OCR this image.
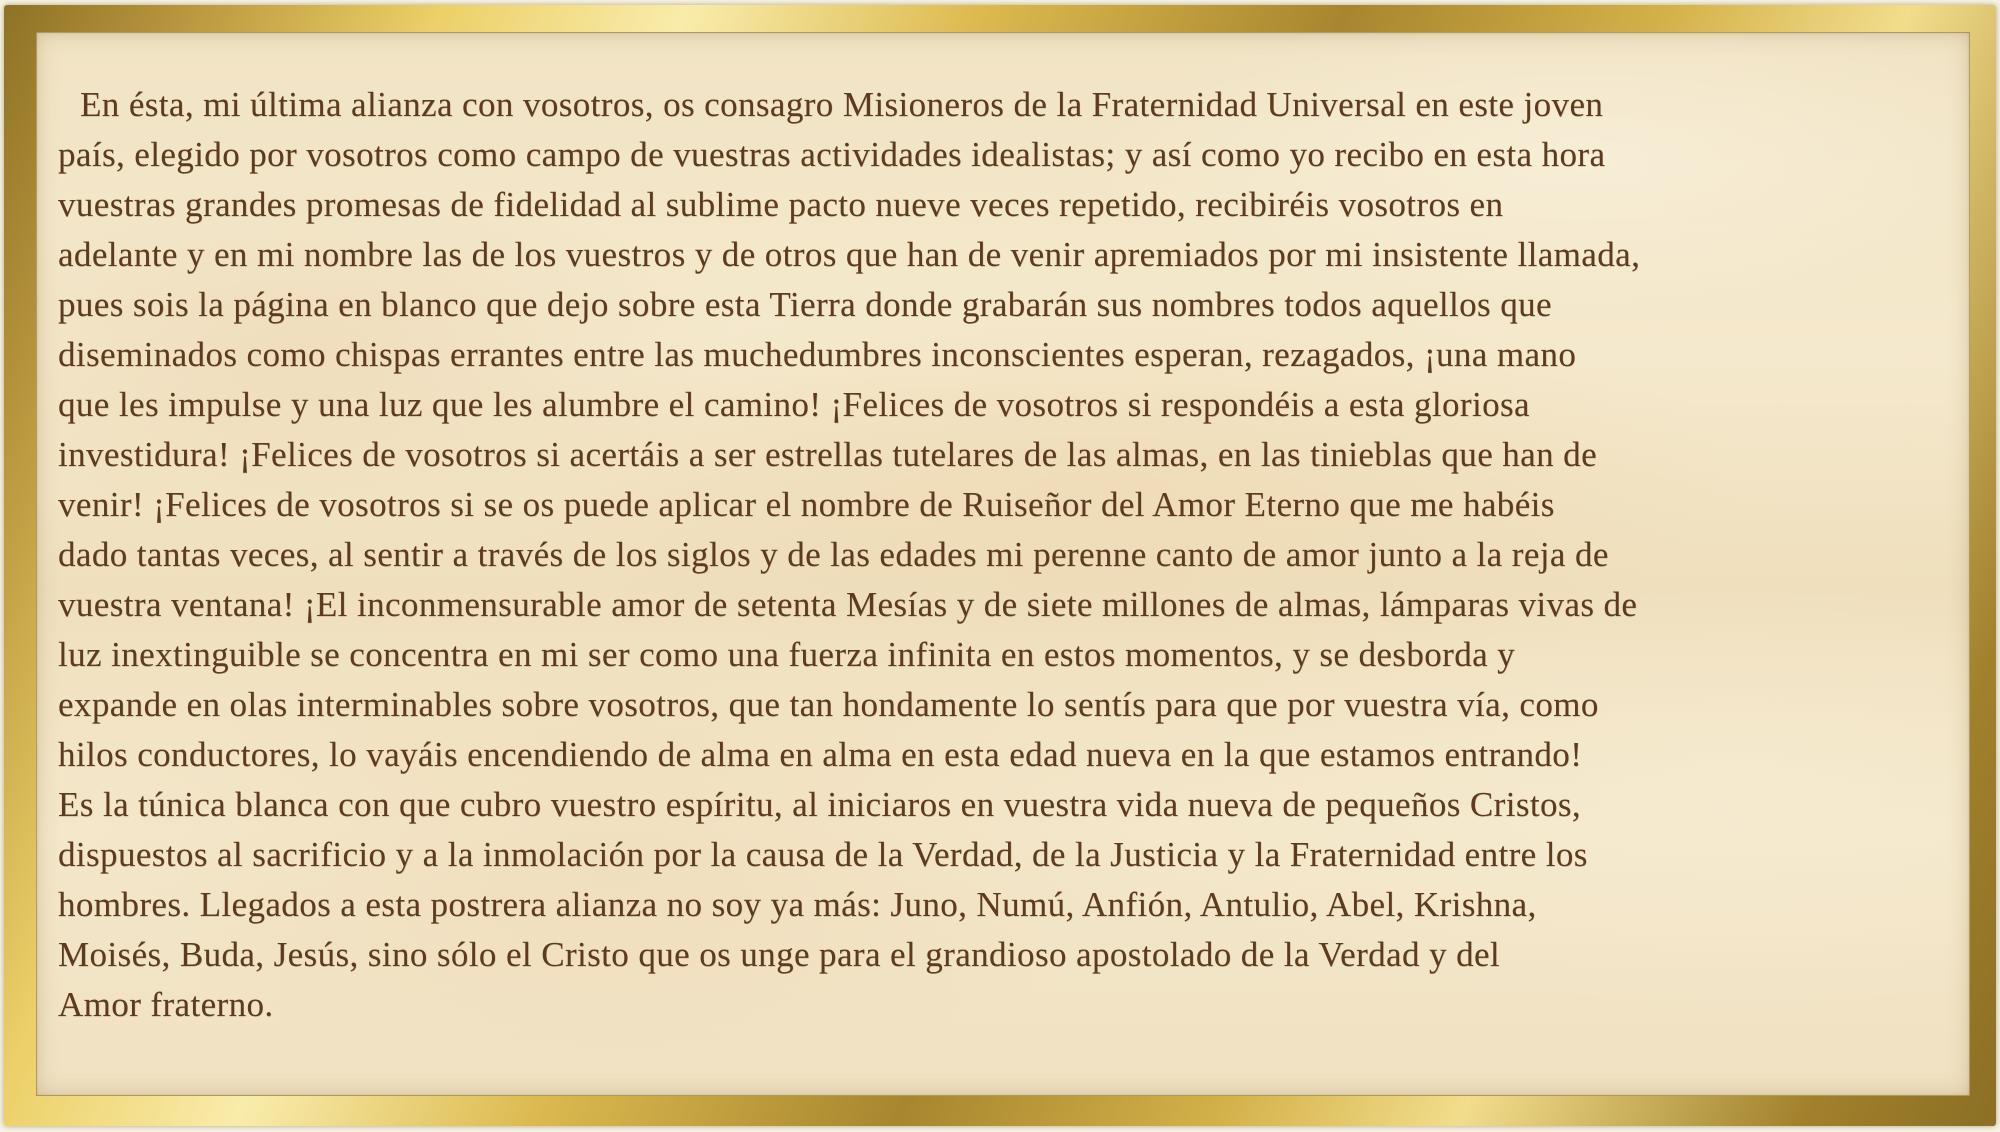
En ésta, mi última alianza con vosotros, os consagro Misioneros de la Fraternidad Universal en este joven
país, elegido por vosotros como campo de vuestras actividades idealistas; y así como yo recibo en esta hora
vuestras grandes promesas de fidelidad al sublime pacto nueve veces repetido, recibiréis vosotros en
adelante y en mi nombre las de los vuestros y de otros que han de venir apremiados por mi insistente llamada,
pues sois la página en blanco que dejo sobre esta Tierra donde grabarán sus nombres todos aquellos que
diseminados como chispas errantes entre las muchedumbres inconscientes esperan, rezagados, ¡una mano
que les impulse y una luz que les alumbre el camino! ¡Felices de vosotros si respondéis a esta gloriosa
investidura! ¡Felices de vosotros si acertáis a ser estrellas tutelares de las almas, en las tinieblas que han de
venir! ¡Felices de vosotros si se os puede aplicar el nombre de Ruiseñor del Amor Eterno que me habéis
dado tantas veces, al sentir a través de los siglos y de las edades mi perenne canto de amor junto a la reja de
vuestra ventana! ¡El inconmensurable amor de setenta Mesías y de siete millones de almas, lámparas vivas de
luz inextinguible se concentra en mi ser como una fuerza infinita en estos momentos, y se desborda y
expande en olas interminables sobre vosotros, que tan hondamente lo sentís para que por vuestra vía, como
hilos conductores, lo vayáis encendiendo de alma en alma en esta edad nueva en la que estamos entrando!
Es la túnica blanca con que cubro vuestro espíritu, al iniciaros en vuestra vida nueva de pequeños Cristos,
dispuestos al sacrificio y a la inmolación por la causa de la Verdad, de la Justicia y la Fraternidad entre los
hombres. Llegados a esta postrera alianza no soy ya más: Juno, Numú, Anfión, Antulio, Abel, Krishna,
Moisés, Buda, Jesús, sino sólo el Cristo que os unge para el grandioso apostolado de la Verdad y del
Amor fraterno.
